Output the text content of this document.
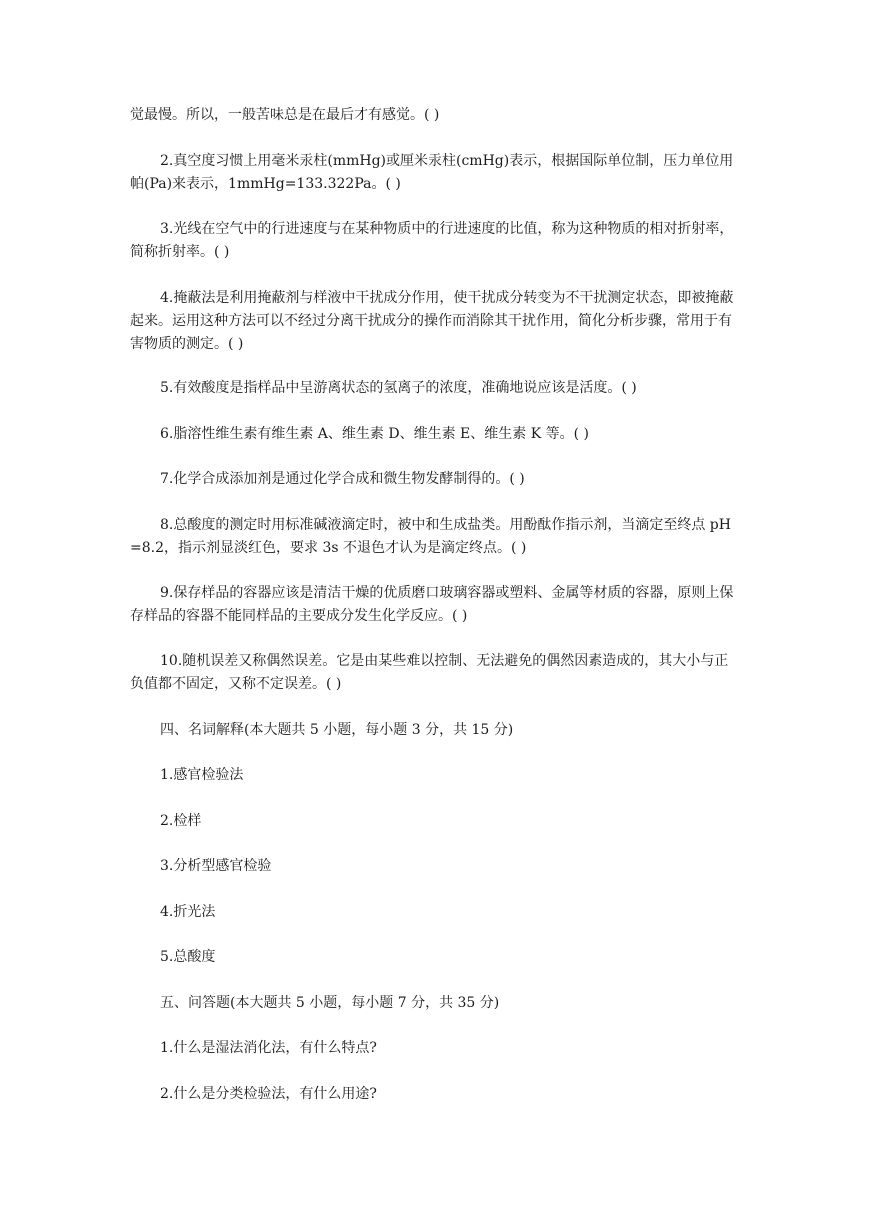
觉最慢。所以，一般苦味总是在最后才有感觉。( )

2.真空度习惯上用毫米汞柱(mmHg)或厘米汞柱(cmHg)表示，根据国际单位制，压力单位用帕(Pa)来表示，1mmHg=133.322Pa。( )

3.光线在空气中的行进速度与在某种物质中的行进速度的比值，称为这种物质的相对折射率，简称折射率。( )

4.掩蔽法是利用掩蔽剂与样液中干扰成分作用，使干扰成分转变为不干扰测定状态，即被掩蔽起来。运用这种方法可以不经过分离干扰成分的操作而消除其干扰作用，简化分析步骤，常用于有害物质的测定。( )

5.有效酸度是指样品中呈游离状态的氢离子的浓度，准确地说应该是活度。( )

6.脂溶性维生素有维生素 A、维生素 D、维生素 E、维生素 K 等。( )

7.化学合成添加剂是通过化学合成和微生物发酵制得的。( )

8.总酸度的测定时用标准碱液滴定时，被中和生成盐类。用酚酞作指示剂，当滴定至终点 pH=8.2，指示剂显淡红色，要求 3s 不退色才认为是滴定终点。( )

9.保存样品的容器应该是清洁干燥的优质磨口玻璃容器或塑料、金属等材质的容器，原则上保存样品的容器不能同样品的主要成分发生化学反应。( )

10.随机误差又称偶然误差。它是由某些难以控制、无法避免的偶然因素造成的，其大小与正负值都不固定，又称不定误差。( )

四、名词解释(本大题共 5 小题，每小题 3 分，共 15 分)

1.感官检验法

2.检样

3.分析型感官检验

4.折光法

5.总酸度

五、问答题(本大题共 5 小题，每小题 7 分，共 35 分)

1.什么是湿法消化法，有什么特点?

2.什么是分类检验法，有什么用途?
